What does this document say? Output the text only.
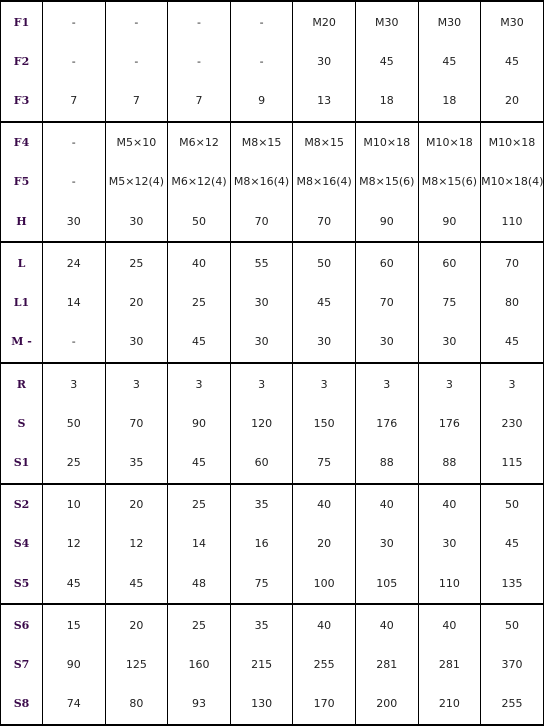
F1	-	-	-	-	M20	M30	M30	M30
F2	-	-	-	-	30	45	45	45
F3	7	7	7	9	13	18	18	20
F4	-	M5×10	M6×12	M8×15	M8×15	M10×18	M10×18	M10×18
F5	-	M5×12(4)	M6×12(4)	M8×16(4)	M8×16(4)	M8×15(6)	M8×15(6)	M10×18(4)
H	30	30	50	70	70	90	90	110
L	24	25	40	55	50	60	60	70
L1	14	20	25	30	45	70	75	80
M -	-	30	45	30	30	30	30	45
R	3	3	3	3	3	3	3	3
S	50	70	90	120	150	176	176	230
S1	25	35	45	60	75	88	88	115
S2	10	20	25	35	40	40	40	50
S4	12	12	14	16	20	30	30	45
S5	45	45	48	75	100	105	110	135
S6	15	20	25	35	40	40	40	50
S7	90	125	160	215	255	281	281	370
S8	74	80	93	130	170	200	210	255
